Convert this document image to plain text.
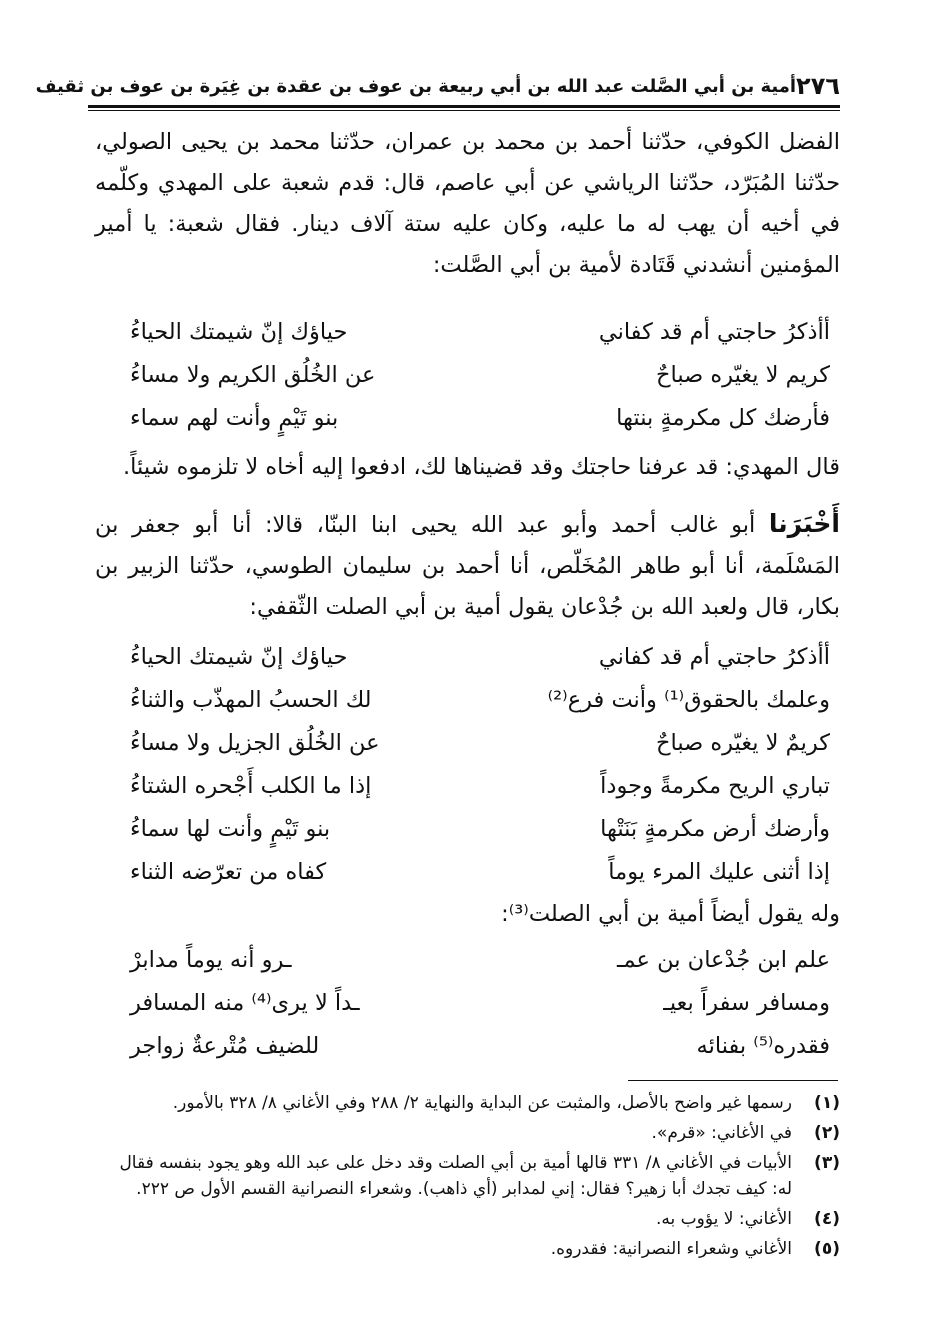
٢٧٦
أمية بن أبي الصَّلت عبد الله بن أبي ربيعة بن عوف بن عقدة بن غِيَرة بن عوف بن ثقيف
الفضل الكوفي، حدّثنا أحمد بن محمد بن عمران، حدّثنا محمد بن يحيى الصولي، حدّثنا المُبَرّد، حدّثنا الرياشي عن أبي عاصم، قال: قدم شعبة على المهدي وكلّمه في أخيه أن يهب له ما عليه، وكان عليه ستة آلاف دينار. فقال شعبة: يا أمير المؤمنين أنشدني قَتَادة لأمية بن أبي الصَّلت:
أأذكرُ حاجتي أم قد كفاني
حياؤك إنّ شيمتك الحياءُ
كريم لا يغيّره صباحٌ
عن الخُلُق الكريم ولا مساءُ
فأرضك كل مكرمةٍ بنتها
بنو تَيْمٍ وأنت لهم سماء
قال المهدي: قد عرفنا حاجتك وقد قضيناها لك، ادفعوا إليه أخاه لا تلزموه شيئاً.
أَخْبَرَنا أبو غالب أحمد وأبو عبد الله يحيى ابنا البنّا، قالا: أنا أبو جعفر بن المَسْلَمة، أنا أبو طاهر المُخَلّص، أنا أحمد بن سليمان الطوسي، حدّثنا الزبير بن بكار، قال ولعبد الله بن جُدْعان يقول أمية بن أبي الصلت الثّقفي:
أأذكرُ حاجتي أم قد كفاني
حياؤك إنّ شيمتك الحياءُ
وعلمك بالحقوق⁽¹⁾ وأنت فرع⁽²⁾
لك الحسبُ المهذّب والثناءُ
كريمٌ لا يغيّره صباحٌ
عن الخُلُق الجزيل ولا مساءُ
تباري الريح مكرمةً وجوداً
إذا ما الكلب أَجْحره الشتاءُ
وأرضك أرض مكرمةٍ بَنَتْها
بنو تَيْمٍ وأنت لها سماءُ
إذا أثنى عليك المرء يوماً
كفاه من تعرّضه الثناء
وله يقول أيضاً أمية بن أبي الصلت⁽³⁾:
علم ابن جُدْعان بن عمـ
ـرو أنه يوماً مدابرْ
ومسافر سفراً بعيـ
ـداً لا يرى⁽⁴⁾ منه المسافر
فقدره⁽⁵⁾ بفنائه
للضيف مُتْرعةٌ زواجر
(١)
رسمها غير واضح بالأصل، والمثبت عن البداية والنهاية ٢/ ٢٨٨ وفي الأغاني ٨/ ٣٢٨ بالأمور.
(٢)
في الأغاني: «قرم».
(٣)
الأبيات في الأغاني ٨/ ٣٣١ قالها أمية بن أبي الصلت وقد دخل على عبد الله وهو يجود بنفسه فقال له: كيف تجدك أبا زهير؟ فقال: إني لمدابر (أي ذاهب). وشعراء النصرانية القسم الأول ص ٢٢٢.
(٤)
الأغاني: لا يؤوب به.
(٥)
الأغاني وشعراء النصرانية: فقدروه.
